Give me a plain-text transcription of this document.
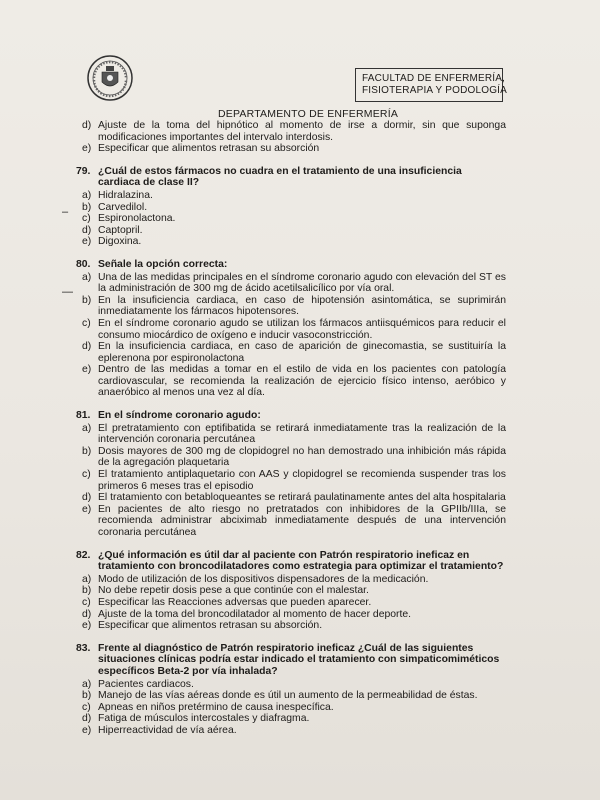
FACULTAD DE ENFERMERÍA,
FISIOTERAPIA Y PODOLOGÍA
DEPARTAMENTO DE ENFERMERÍA
d) Ajuste de la toma del hipnótico al momento de irse a dormir, sin que suponga modificaciones importantes del intervalo interdosis.
e) Especificar que alimentos retrasan su absorción
79. ¿Cuál de estos fármacos no cuadra en el tratamiento de una insuficiencia cardiaca de clase II?
a) Hidralazina.
b) Carvedilol.
c) Espironolactona.
d) Captopril.
e) Digoxina.
80. Señale la opción correcta:
a) Una de las medidas principales en el síndrome coronario agudo con elevación del ST es la administración de 300 mg de ácido acetilsalicílico por vía oral.
b) En la insuficiencia cardiaca, en caso de hipotensión asintomática, se suprimirán inmediatamente los fármacos hipotensores.
c) En el síndrome coronario agudo se utilizan los fármacos antiisquémicos para reducir el consumo miocárdico de oxígeno e inducir vasoconstricción.
d) En la insuficiencia cardiaca, en caso de aparición de ginecomastia, se sustituiría la eplerenona por espironolactona
e) Dentro de las medidas a tomar en el estilo de vida en los pacientes con patología cardiovascular, se recomienda la realización de ejercicio físico intenso, aeróbico y anaeróbico al menos una vez al día.
81. En el síndrome coronario agudo:
a) El pretratamiento con eptifibatida se retirará inmediatamente tras la realización de la intervención coronaria percutánea
b) Dosis mayores de 300 mg de clopidogrel no han demostrado una inhibición más rápida de la agregación plaquetaria
c) El tratamiento antiplaquetario con AAS y clopidogrel se recomienda suspender tras los primeros 6 meses tras el episodio
d) El tratamiento con betabloqueantes se retirará paulatinamente antes del alta hospitalaria
e) En pacientes de alto riesgo no pretratados con inhibidores de la GPIIb/IIIa, se recomienda administrar abciximab inmediatamente después de una intervención coronaria percutánea
82. ¿Qué información es útil dar al paciente con Patrón respiratorio ineficaz en tratamiento con broncodilatadores como estrategia para optimizar el tratamiento?
a) Modo de utilización de los dispositivos dispensadores de la medicación.
b) No debe repetir dosis pese a que continúe con el malestar.
c) Especificar las Reacciones adversas que pueden aparecer.
d) Ajuste de la toma del broncodilatador al momento de hacer deporte.
e) Especificar que alimentos retrasan su absorción.
83. Frente al diagnóstico de Patrón respiratorio ineficaz ¿Cuál de las siguientes situaciones clínicas podría estar indicado el tratamiento con simpaticomiméticos específicos Beta-2 por vía inhalada?
a) Pacientes cardiacos.
b) Manejo de las vías aéreas donde es útil un aumento de la permeabilidad de éstas.
c) Apneas en niños pretérmino de causa inespecífica.
d) Fatiga de músculos intercostales y diafragma.
e) Hiperreactividad de vía aérea.
–
—
